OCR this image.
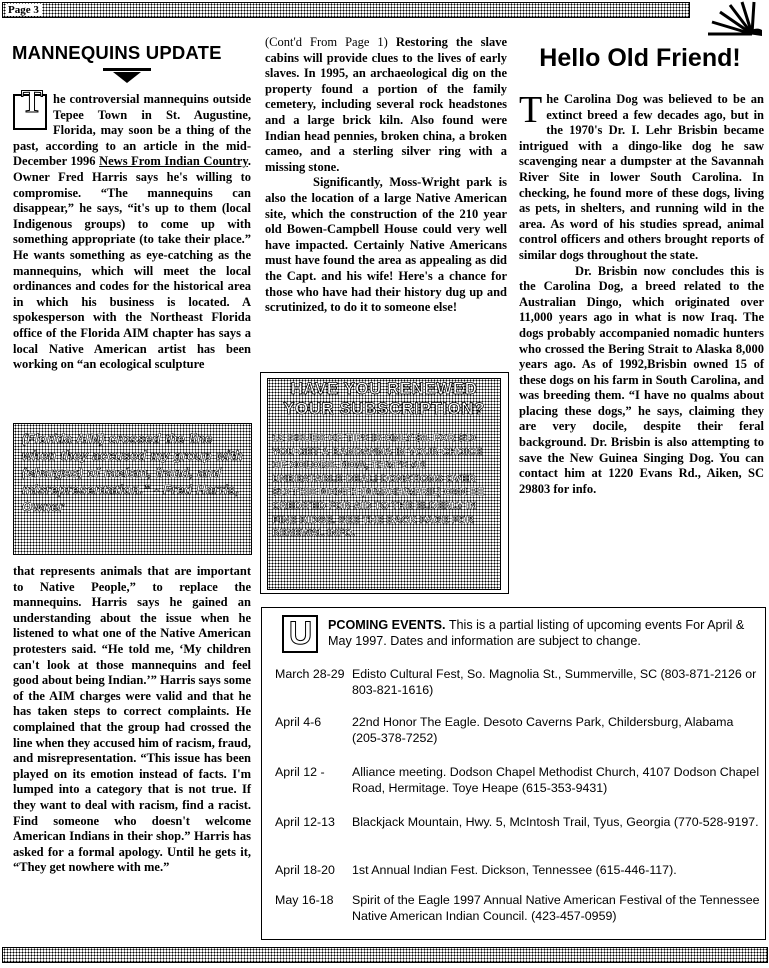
Page 3
MANNEQUINS UPDATE
T he controversial mannequins outside Tepee Town in St. Augustine, Florida, may soon be a thing of the past, according to an article in the mid-December 1996 News From Indian Country. Owner Fred Harris says he's willing to compromise. “The mannequins can disappear,” he says, “it's up to them (local Indigenous groups) to come up with something appropriate (to take their place.” He wants something as eye-catching as the mannequins, which will meet the local ordinances and codes for the historical area in which his business is located. A spokesperson with the Northeast Florida office of the Florida AIM chapter has says a local Native American artist has been working on “an ecological sculpture

(Florida AIM) crossed the line when they accused my group with (charges) of racism, fraud, and misrepresentation.” - Fred Harris, Owner

that represents animals that are important to Native People,” to replace the mannequins. Harris says he gained an understanding about the issue when he listened to what one of the Native American protesters said. “He told me, ‘My children can't look at those mannequins and feel good about being Indian.’” Harris says some of the AIM charges were valid and that he has taken steps to correct complaints. He complained that the group had crossed the line when they accused him of racism, fraud, and misrepresentation. “This issue has been played on its emotion instead of facts. I'm lumped into a category that is not true. If they want to deal with racism, find a racist. Find someone who doesn't welcome American Indians in their shop.” Harris has asked for a formal apology. Until he gets it, “They get nowhere with me.”

(Cont'd From Page 1) Restoring the slave cabins will provide clues to the lives of early slaves. In 1995, an archaeological dig on the property found a portion of the family cemetery, including several rock headstones and a large brick kiln. Also found were Indian head pennies, broken china, a broken cameo, and a sterling silver ring with a missing stone.

Significantly, Moss-Wright park is also the location of a large Native American site, which the construction of the 210 year old Bowen-Campbell House could very well have impacted. Certainly Native Americans must have found the area as appealing as did the Capt. and his wife! Here's a chance for those who have had their history dug up and scrutinized, to do it to someone else!

HAVE YOU RENEWED YOUR SUBSCRIPTION?
12 ISSUES OF TIPS IS ONLY $8. FOR $10 YOU GET A BANDANNA IN YOUR CHOICE OF COLORS. NOW, THAT'S AN UNBEATABLE DEAL! DONATIONS OVER $10 THIS MONTH (MARCH/APRIL) CAN BE CREDITED FOR AID TO THE ELDERLY IN PINE RIDGE. SEE THE BACK PAGE FOR RENEWAL INFO.
Hello Old Friend!
T he Carolina Dog was believed to be an extinct breed a few decades ago, but in the 1970's Dr. I. Lehr Brisbin became intrigued with a dingo-like dog he saw scavenging near a dumpster at the Savannah River Site in lower South Carolina. In checking, he found more of these dogs, living as pets, in shelters, and running wild in the area. As word of his studies spread, animal control officers and others brought reports of similar dogs throughout the state.

Dr. Brisbin now concludes this is the Carolina Dog, a breed related to the Australian Dingo, which originated over 11,000 years ago in what is now Iraq. The dogs probably accompanied nomadic hunters who crossed the Bering Strait to Alaska 8,000 years ago. As of 1992,Brisbin owned 15 of these dogs on his farm in South Carolina, and was breeding them. “I have no qualms about placing these dogs,” he says, claiming they are very docile, despite their feral background. Dr. Brisbin is also attempting to save the New Guinea Singing Dog. You can contact him at 1220 Evans Rd., Aiken, SC 29803 for info.

U PCOMING EVENTS. This is a partial listing of upcoming events For April & May 1997. Dates and information are subject to change.
March 28-29 Edisto Cultural Fest, So. Magnolia St., Summerville, SC (803-871-2126 or 803-821-1616)
April 4-6	22nd Honor The Eagle. Desoto Caverns Park, Childersburg, Alabama (205-378-7252)
April 12 -	Alliance meeting. Dodson Chapel Methodist Church, 4107 Dodson Chapel Road, Hermitage. Toye Heape (615-353-9431)
April 12-13	Blackjack Mountain, Hwy. 5, McIntosh Trail, Tyus, Georgia (770-528-9197.
April 18-20	1st Annual Indian Fest. Dickson, Tennessee (615-446-117).
May 16-18	Spirit of the Eagle 1997 Annual Native American Festival of the Tennessee Native American Indian Council. (423-457-0959)
